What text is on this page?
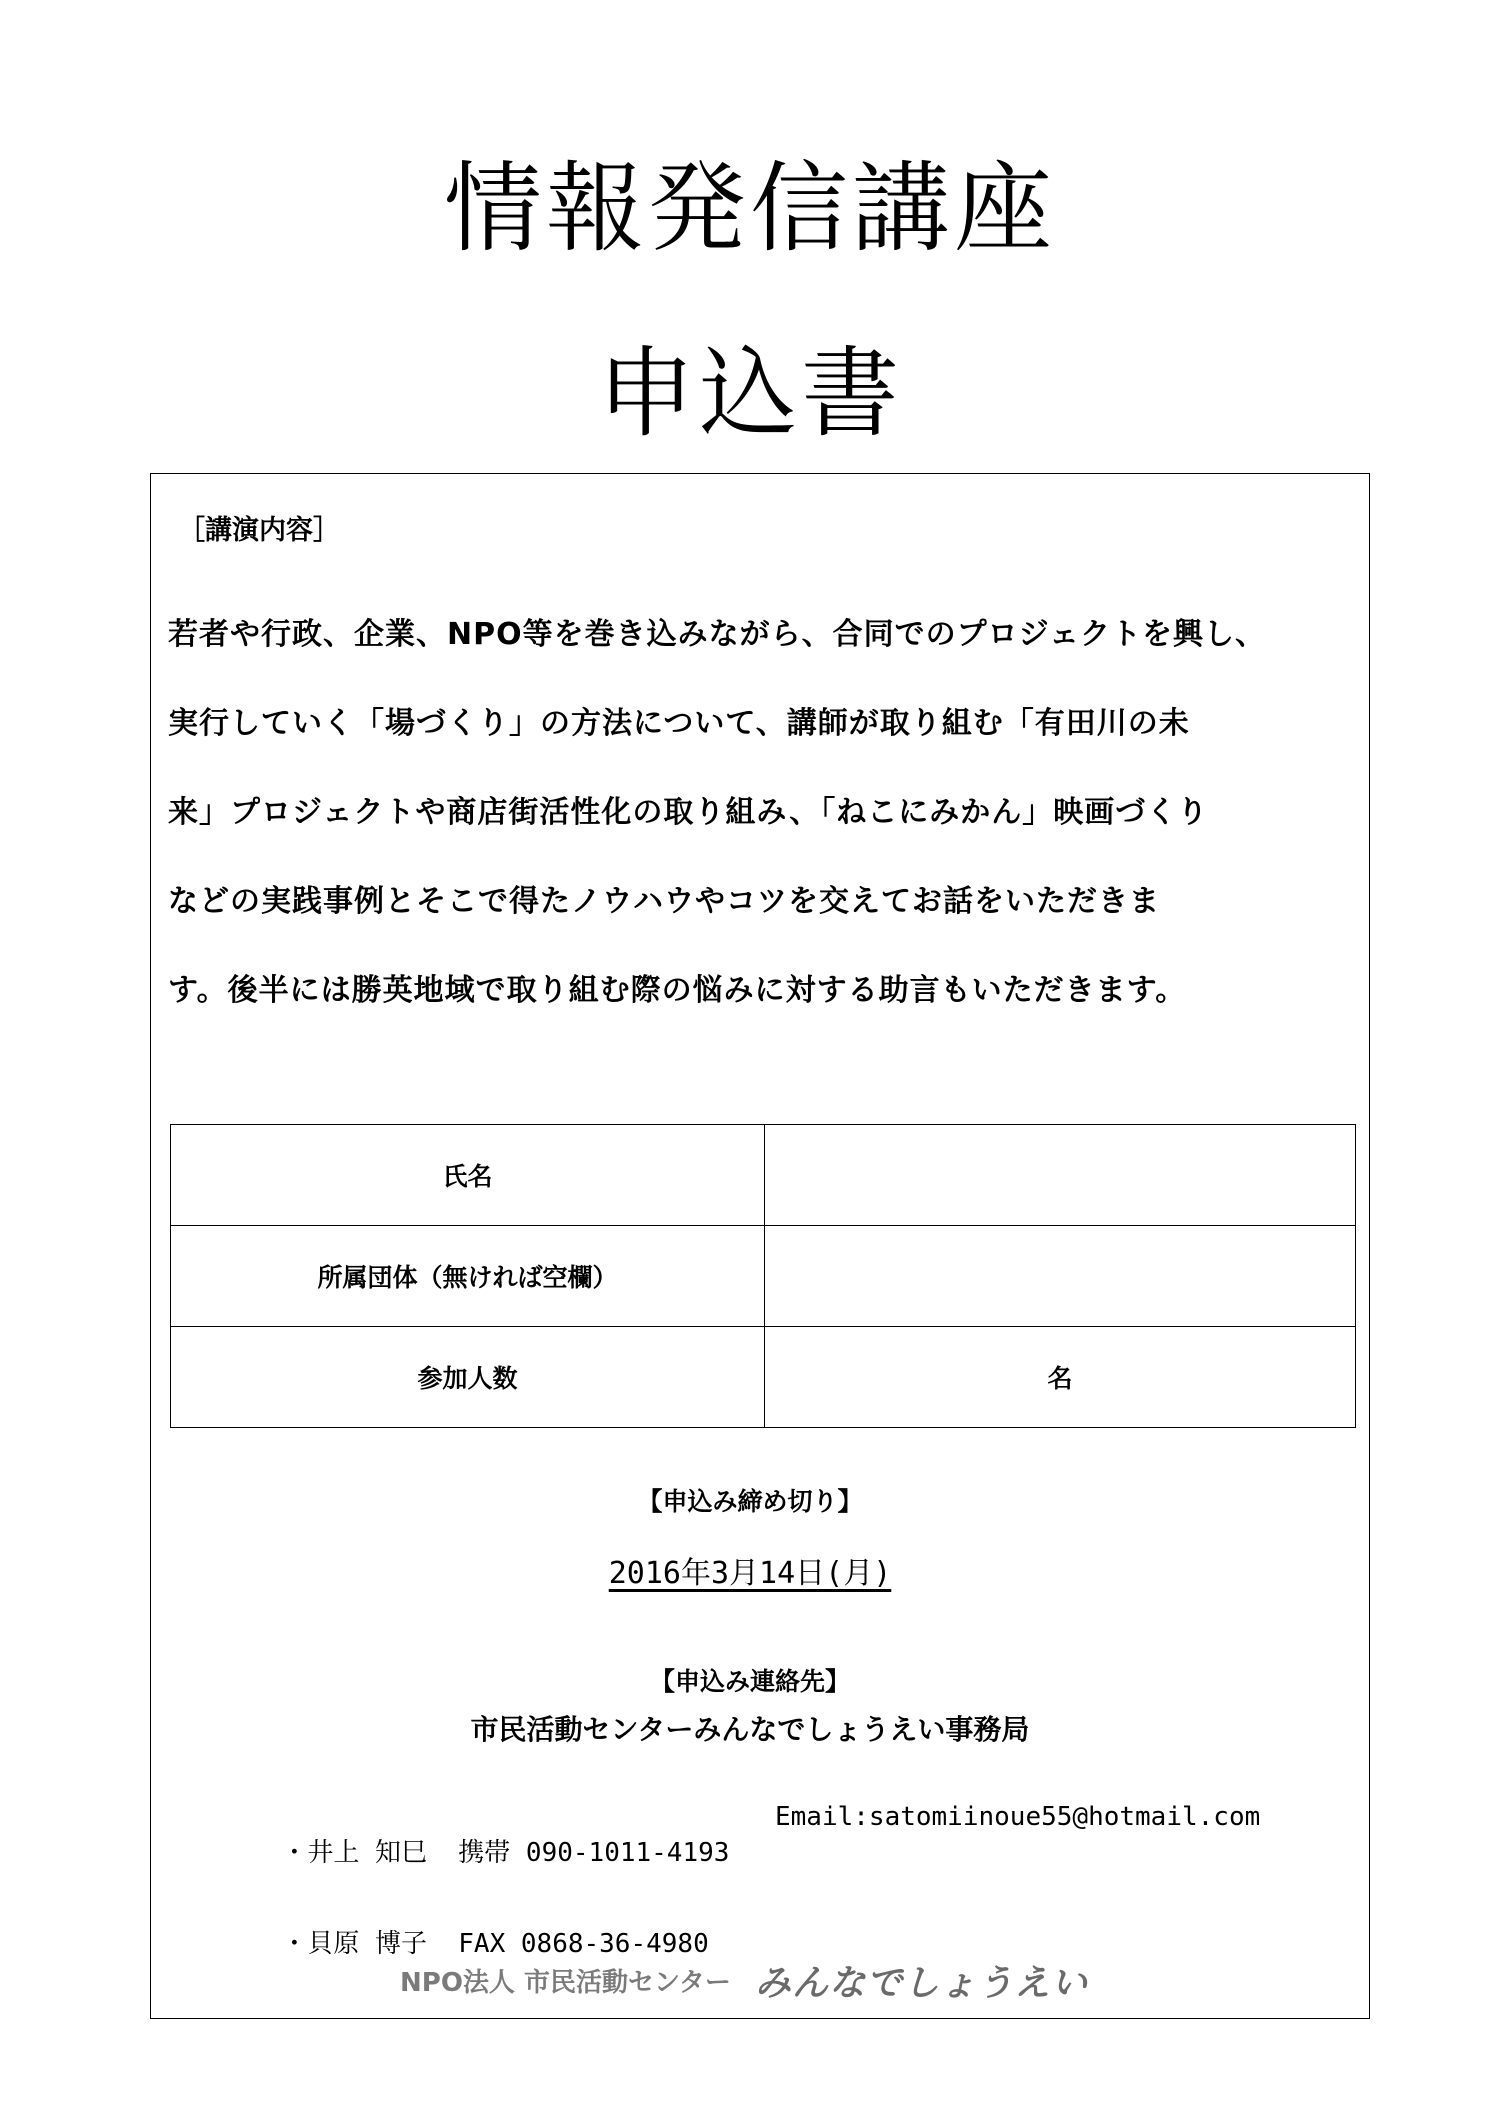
情報発信講座
申込書
［講演内容］

若者や行政、企業、NPO等を巻き込みながら、合同でのプロジェクトを興し、
実行していく「場づくり」の方法について、講師が取り組む「有田川の未
来」プロジェクトや商店街活性化の取り組み、「ねこにみかん」映画づくり
などの実践事例とそこで得たノウハウやコツを交えてお話をいただきま
す。後半には勝英地域で取り組む際の悩みに対する助言もいただきます。

氏名	
所属団体（無ければ空欄）	
参加人数	名
【申込み締め切り】
2016年3月14日(月)
【申込み連絡先】
市民活動センターみんなでしょうえい事務局

・井上 知巳  携帯 090-1011-4193

Email:satomiinoue55@hotmail.com

・貝原 博子  FAX 0868-36-4980

NPO法人 市民活動センター みんなでしょうえい
